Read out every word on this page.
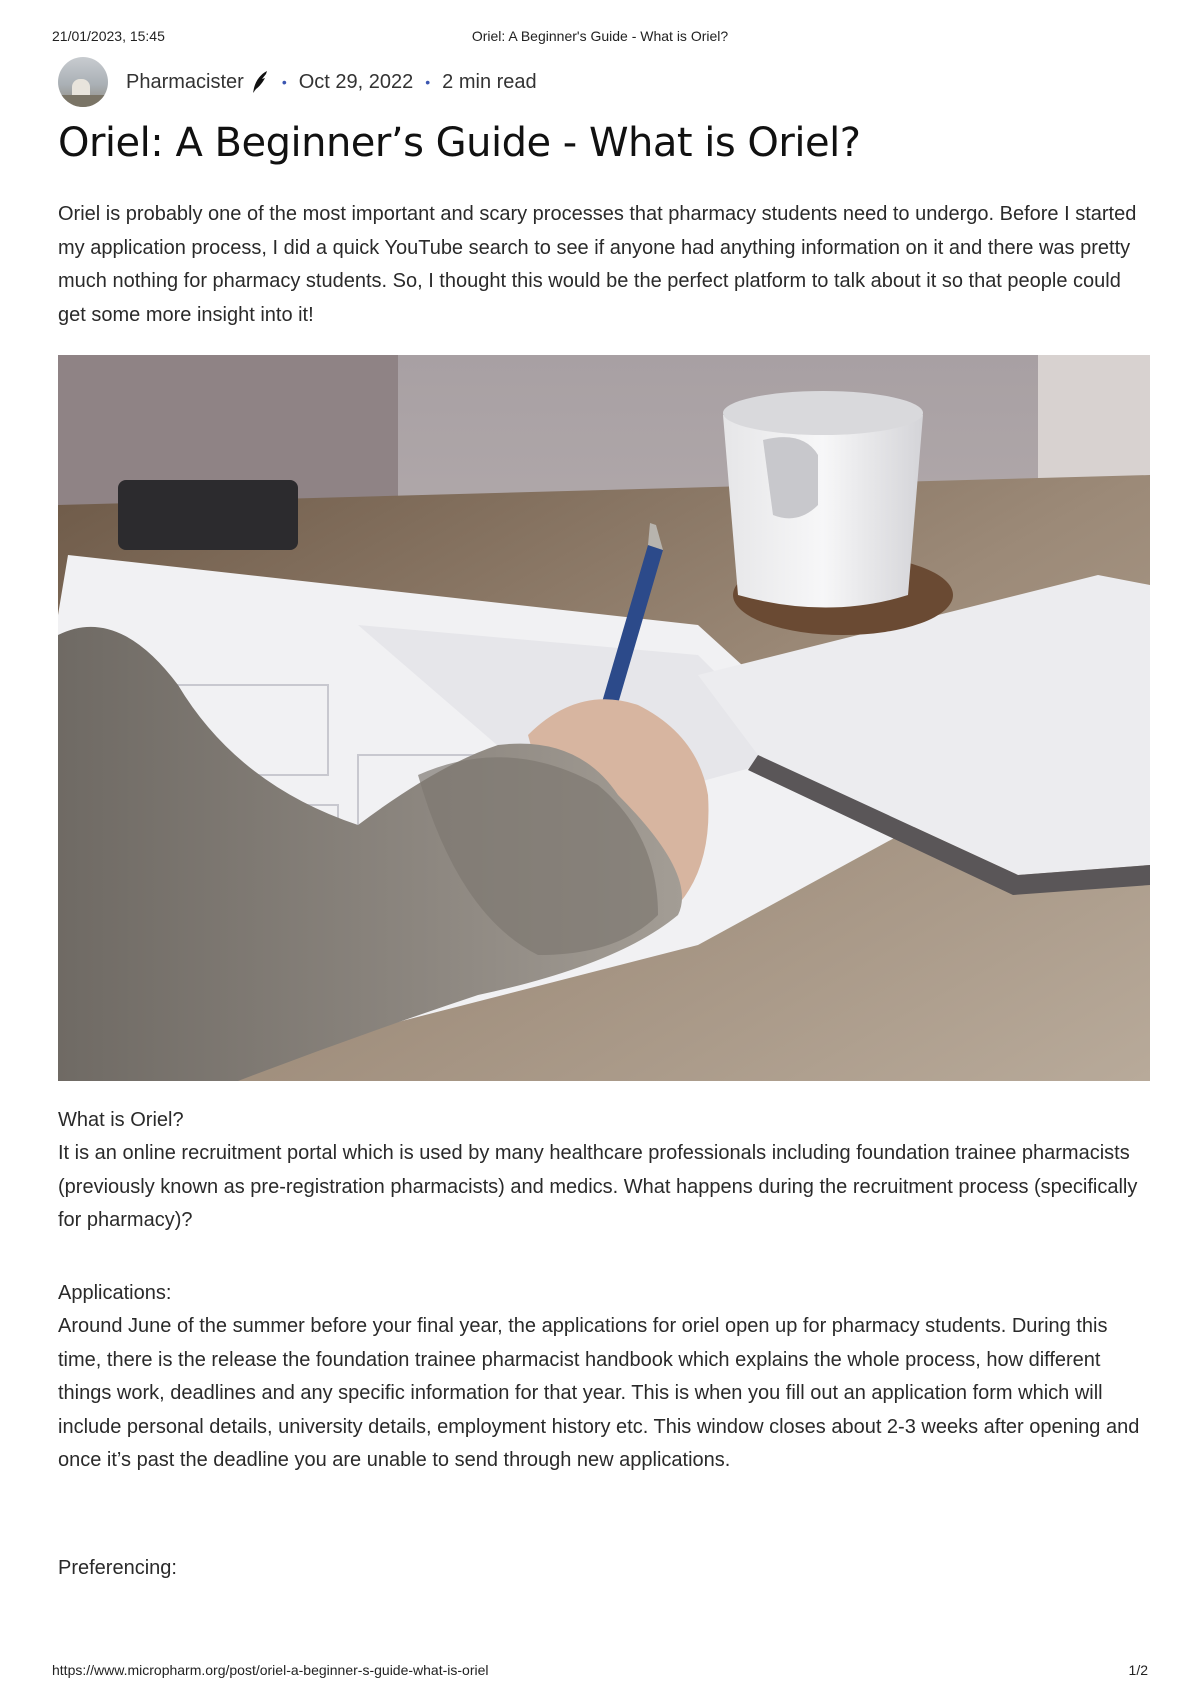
21/01/2023, 15:45	Oriel: A Beginner's Guide - What is Oriel?
Pharmacister	• Oct 29, 2022 • 2 min read
Oriel: A Beginner’s Guide - What is Oriel?

Oriel is probably one of the most important and scary processes that pharmacy students need to undergo. Before I started my application process, I did a quick YouTube search to see if anyone had anything information on it and there was pretty much nothing for pharmacy students. So, I thought this would be the perfect platform to talk about it so that people could get some more insight into it!

What is Oriel?

It is an online recruitment portal which is used by many healthcare professionals including foundation trainee pharmacists (previously known as pre-registration pharmacists) and medics. What happens during the recruitment process (specifically for pharmacy)?

Applications:

Around June of the summer before your final year, the applications for oriel open up for pharmacy students. During this time, there is the release the foundation trainee pharmacist handbook which explains the whole process, how different things work, deadlines and any specific information for that year. This is when you fill out an application form which will include personal details, university details, employment history etc. This window closes about 2-3 weeks after opening and once it’s past the deadline you are unable to send through new applications.

Preferencing:

https://www.micropharm.org/post/oriel-a-beginner-s-guide-what-is-oriel	1/2
